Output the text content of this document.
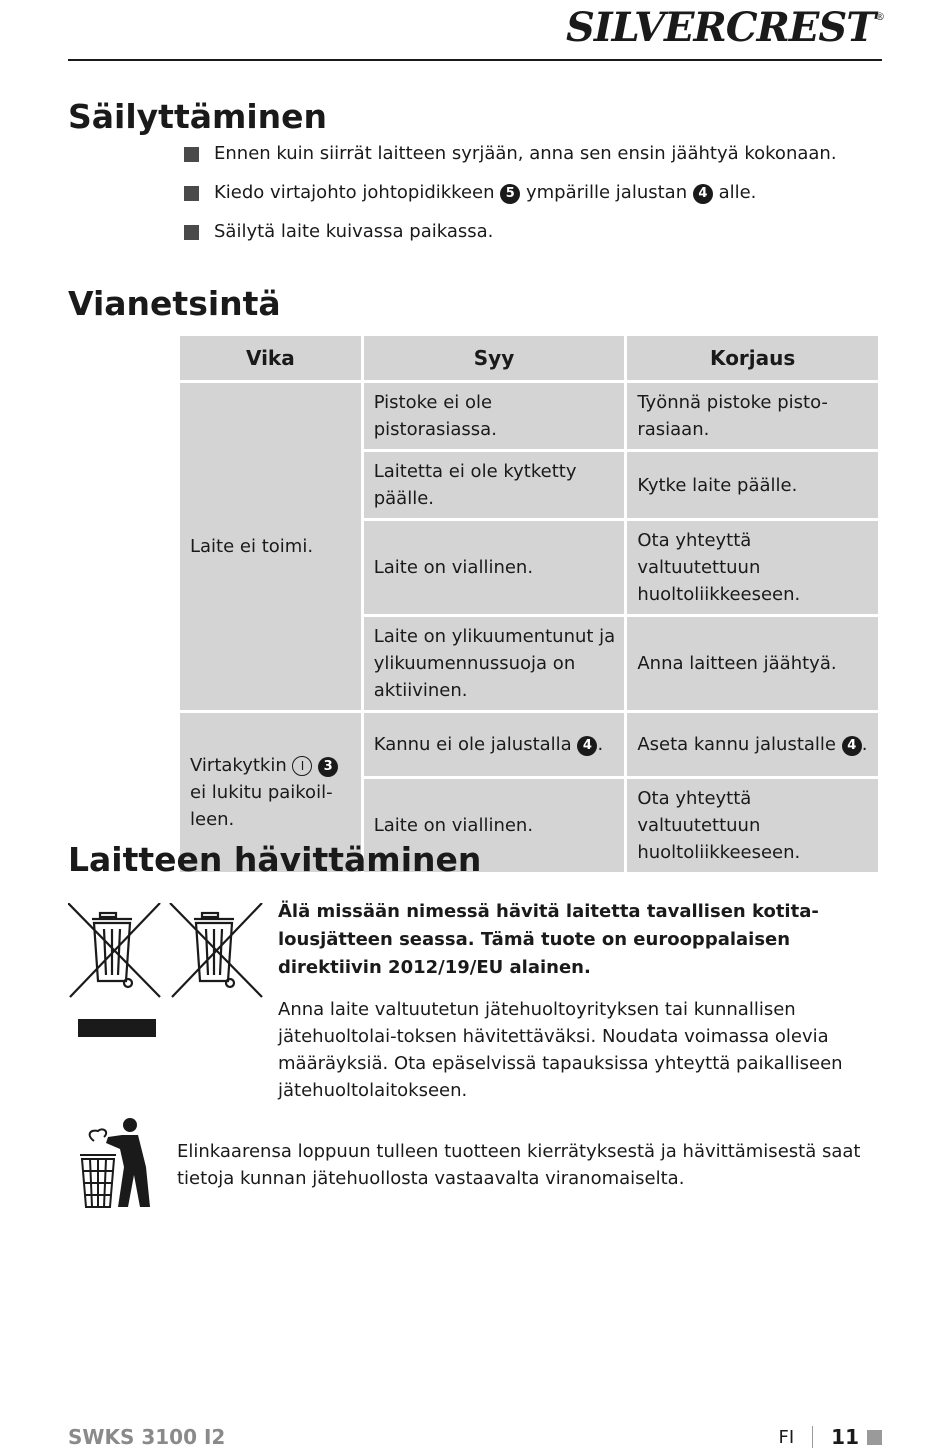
SILVERCREST®
Säilyttäminen
Ennen kuin siirrät laitteen syrjään, anna sen ensin jäähtyä kokonaan.
Kiedo virtajohto johtopidikkeen 5 ympärille jalustan 4 alle.
Säilytä laite kuivassa paikassa.
Vianetsintä
Vika	Syy	Korjaus
Laite ei toimi.	Pistoke ei ole pistorasiassa.	Työnnä pistoke pisto-rasiaan.
	Laitetta ei ole kytketty päälle.	Kytke laite päälle.
	Laite on viallinen.	Ota yhteyttä valtuutettuun huoltoliikkeeseen.
	Laite on ylikuumentunut ja ylikuumennussuoja on aktiivinen.	Anna laitteen jäähtyä.
Virtakytkin I 3 ei lukitu paikoil-leen.	Kannu ei ole jalustalla 4 .	Aseta kannu jalustalle 4 .
	Laite on viallinen.	Ota yhteyttä valtuutettuun huoltoliikkeeseen.
Laitteen hävittäminen
Älä missään nimessä hävitä laitetta tavallisen kotita-lousjätteen seassa. Tämä tuote on eurooppalaisen direktiivin 2012/19/EU alainen.
Anna laite valtuutetun jätehuoltoyrityksen tai kunnallisen jätehuoltolai-toksen hävitettäväksi. Noudata voimassa olevia määräyksiä. Ota epäselvissä tapauksissa yhteyttä paikalliseen jätehuoltolaitokseen.
Elinkaarensa loppuun tulleen tuotteen kierrätyksestä ja hävittämisestä saat tietoja kunnan jätehuollosta vastaavalta viranomaiselta.
SWKS 3100 I2	FI 11
